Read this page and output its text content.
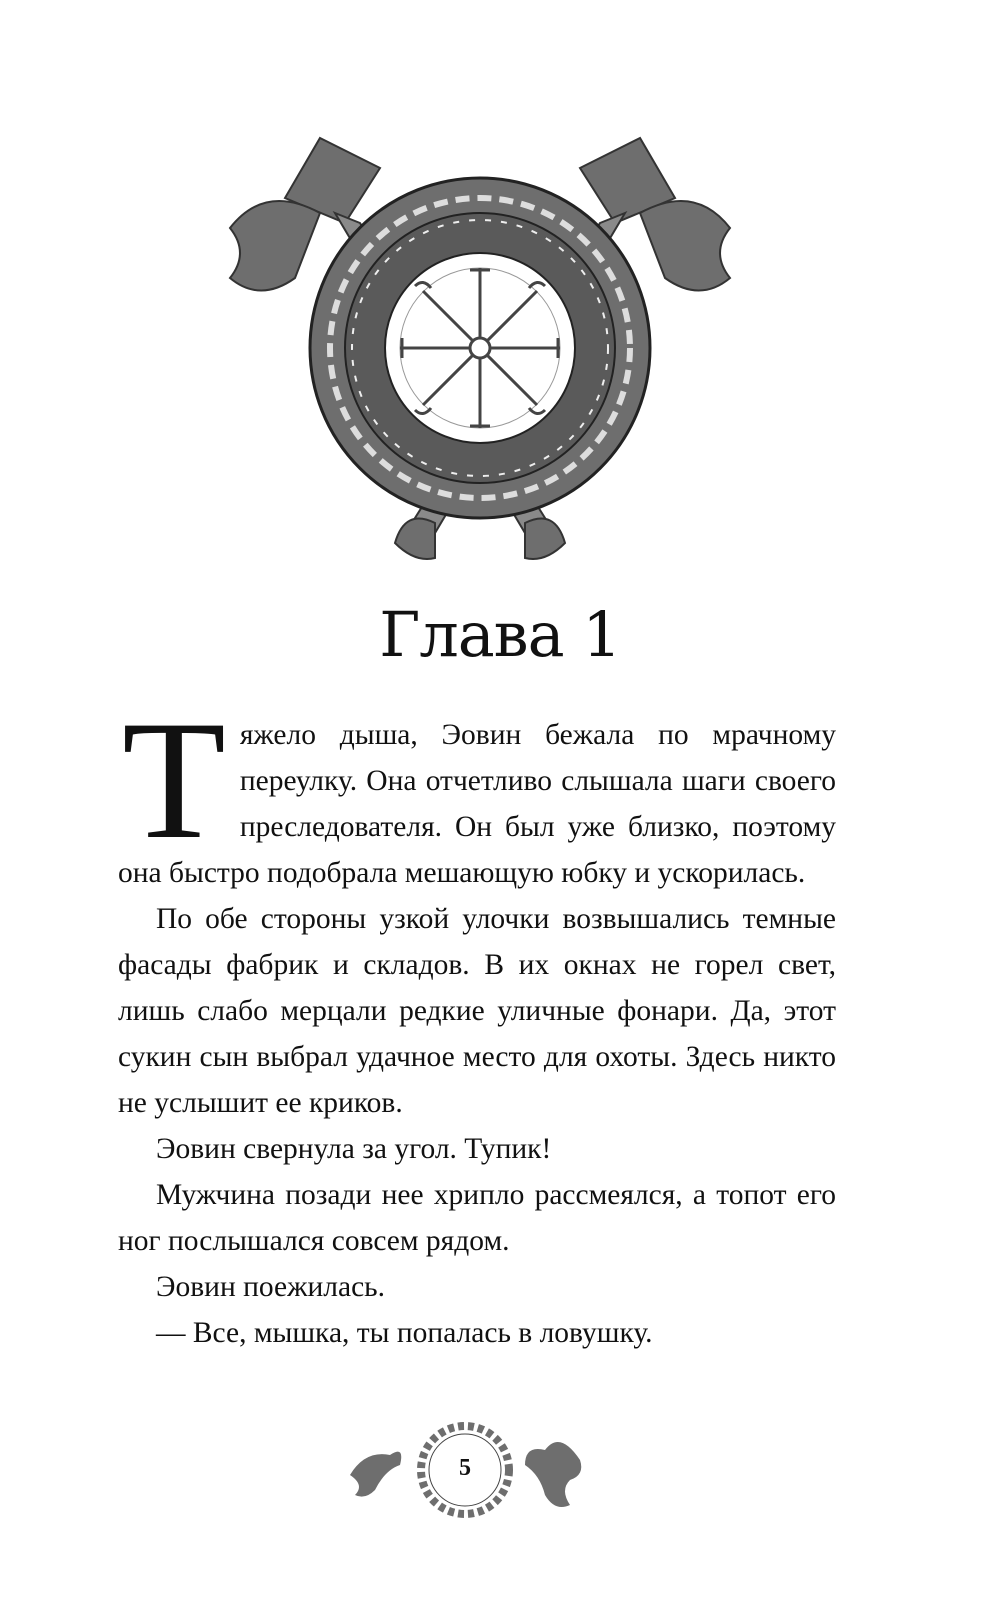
Глава 1

Тяжело дыша, Эовин бежала по мрачному переулку. Она отчетливо слышала шаги своего преследователя. Он был уже близко, поэтому она быстро подобрала мешающую юбку и ускорилась.

По обе стороны узкой улочки возвышались темные фасады фабрик и складов. В их окнах не горел свет, лишь слабо мерцали редкие уличные фонари. Да, этот сукин сын выбрал удачное место для охоты. Здесь никто не услышит ее криков.

Эовин свернула за угол. Тупик!

Мужчина позади нее хрипло рассмеялся, а топот его ног послышался совсем рядом.

Эовин поежилась.

— Все, мышка, ты попалась в ловушку.

5
